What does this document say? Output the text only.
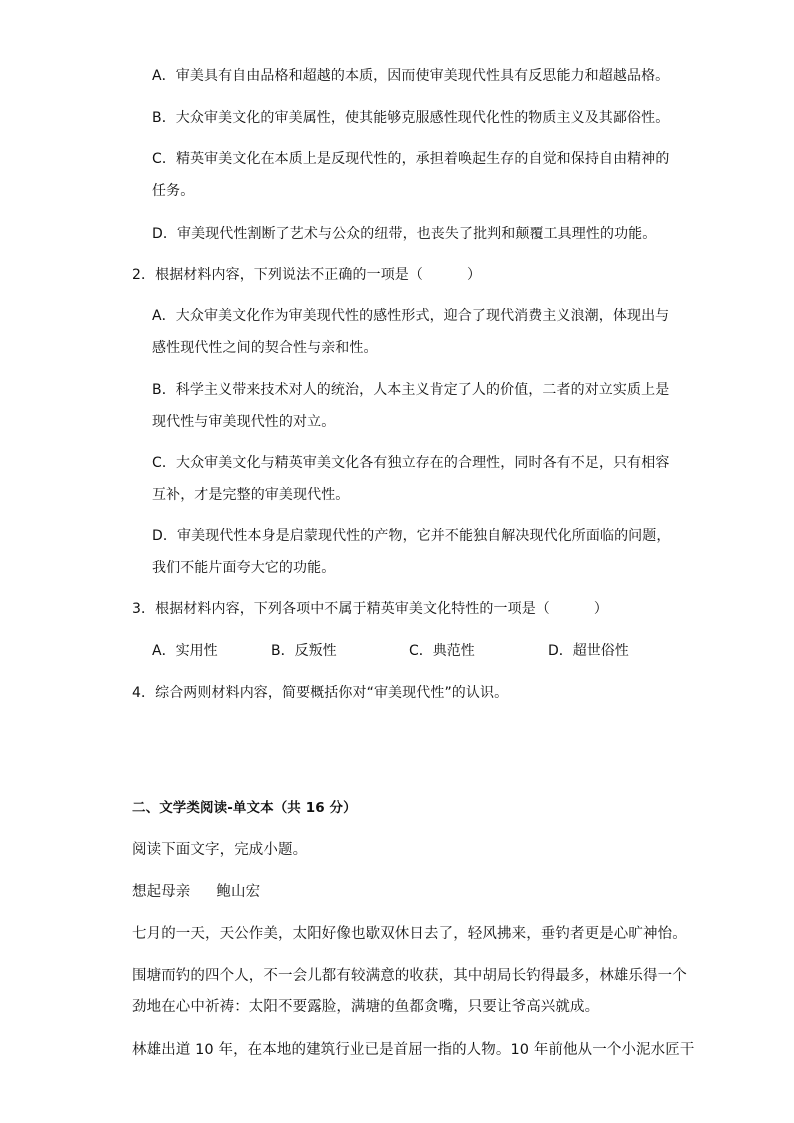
A．审美具有自由品格和超越的本质，因而使审美现代性具有反思能力和超越品格。
B．大众审美文化的审美属性，使其能够克服感性现代化性的物质主义及其鄙俗性。
C．精英审美文化在本质上是反现代性的，承担着唤起生存的自觉和保持自由精神的
任务。
D．审美现代性割断了艺术与公众的纽带，也丧失了批判和颠覆工具理性的功能。
2．根据材料内容，下列说法不正确的一项是（	）
A．大众审美文化作为审美现代性的感性形式，迎合了现代消费主义浪潮，体现出与
感性现代性之间的契合性与亲和性。
B．科学主义带来技术对人的统治，人本主义肯定了人的价值，二者的对立实质上是
现代性与审美现代性的对立。
C．大众审美文化与精英审美文化各有独立存在的合理性，同时各有不足，只有相容
互补，才是完整的审美现代性。
D．审美现代性本身是启蒙现代性的产物，它并不能独自解决现代化所面临的问题，
我们不能片面夸大它的功能。
3．根据材料内容，下列各项中不属于精英审美文化特性的一项是（	）
A．实用性	B．反叛性	C．典范性	D．超世俗性
4．综合两则材料内容，简要概括你对“审美现代性”的认识。
二、文学类阅读-单文本（共 16 分）
阅读下面文字，完成小题。
想起母亲 鲍山宏
七月的一天，天公作美，太阳好像也歇双休日去了，轻风拂来，垂钓者更是心旷神怡。
围塘而钓的四个人，不一会儿都有较满意的收获，其中胡局长钓得最多，林雄乐得一个
劲地在心中祈祷：太阳不要露脸，满塘的鱼都贪嘴，只要让爷高兴就成。
林雄出道 10 年，在本地的建筑行业已是首屈一指的人物。10 年前他从一个小泥水匠干
